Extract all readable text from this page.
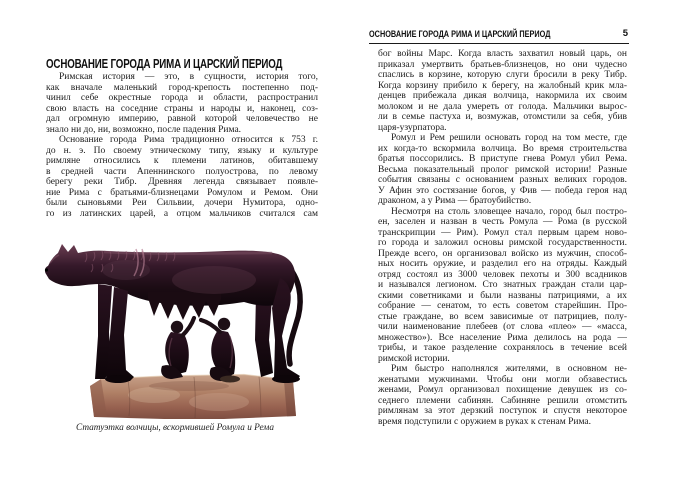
ОСНОВАНИЕ ГОРОДА РИМА И ЦАРСКИЙ ПЕРИОД
Римская история — это, в сущности, история того,
как вначале маленький город-крепость постепенно под-
чинил себе окрестные города и области, распространил
свою власть на соседние страны и народы и, наконец, соз-
дал огромную империю, равной которой человечество не
знало ни до, ни, возможно, после падения Рима.
Основание города Рима традиционно относится к 753 г.
до н. э. По своему этническому типу, языку и культуре
римляне относились к племени латинов, обитавшему
в средней части Апеннинского полуострова, по левому
берегу реки Тибр. Древняя легенда связывает появле-
ние Рима с братьями-близнецами Ромулом и Ремом. Они
были сыновьями Реи Сильвии, дочери Нумитора, одно-
го из латинских царей, а отцом мальчиков считался сам
Статуэтка волчицы, вскормившей Ромула и Рема
ОСНОВАНИЕ ГОРОДА РИМА И ЦАРСКИЙ ПЕРИОД	5
бог войны Марс. Когда власть захватил новый царь, он
приказал умертвить братьев-близнецов, но они чудесно
спаслись в корзине, которую слуги бросили в реку Тибр.
Когда корзину прибило к берегу, на жалобный крик мла-
денцев прибежала дикая волчица, накормила их своим
молоком и не дала умереть от голода. Мальчики вырос-
ли в семье пастуха и, возмужав, отомстили за себя, убив
царя-узурпатора.
Ромул и Рем решили основать город на том месте, где
их когда-то вскормила волчица. Во время строительства
братья поссорились. В приступе гнева Ромул убил Рема.
Весьма показательный пролог римской истории! Разные
события связаны с основанием разных великих городов.
У Афин это состязание богов, у Фив — победа героя над
драконом, а у Рима — братоубийство.
Несмотря на столь зловещее начало, город был постро-
ен, заселен и назван в честь Ромула — Рома (в русской
транскрипции — Рим). Ромул стал первым царем ново-
го города и заложил основы римской государственности.
Прежде всего, он организовал войско из мужчин, способ-
ных носить оружие, и разделил его на отряды. Каждый
отряд состоял из 3000 человек пехоты и 300 всадников
и назывался легионом. Сто знатных граждан стали цар-
скими советниками и были названы патрициями, а их
собрание — сенатом, то есть советом старейшин. Про-
стые граждане, во всем зависимые от патрициев, полу-
чили наименование плебеев (от слова «плео» — «масса,
множество»). Все население Рима делилось на рода —
трибы, и такое разделение сохранялось в течение всей
римской истории.
Рим быстро наполнялся жителями, в основном не-
женатыми мужчинами. Чтобы они могли обзавестись
женами, Ромул организовал похищение девушек из со-
седнего племени сабинян. Сабиняне решили отомстить
римлянам за этот дерзкий поступок и спустя некоторое
время подступили с оружием в руках к стенам Рима.
